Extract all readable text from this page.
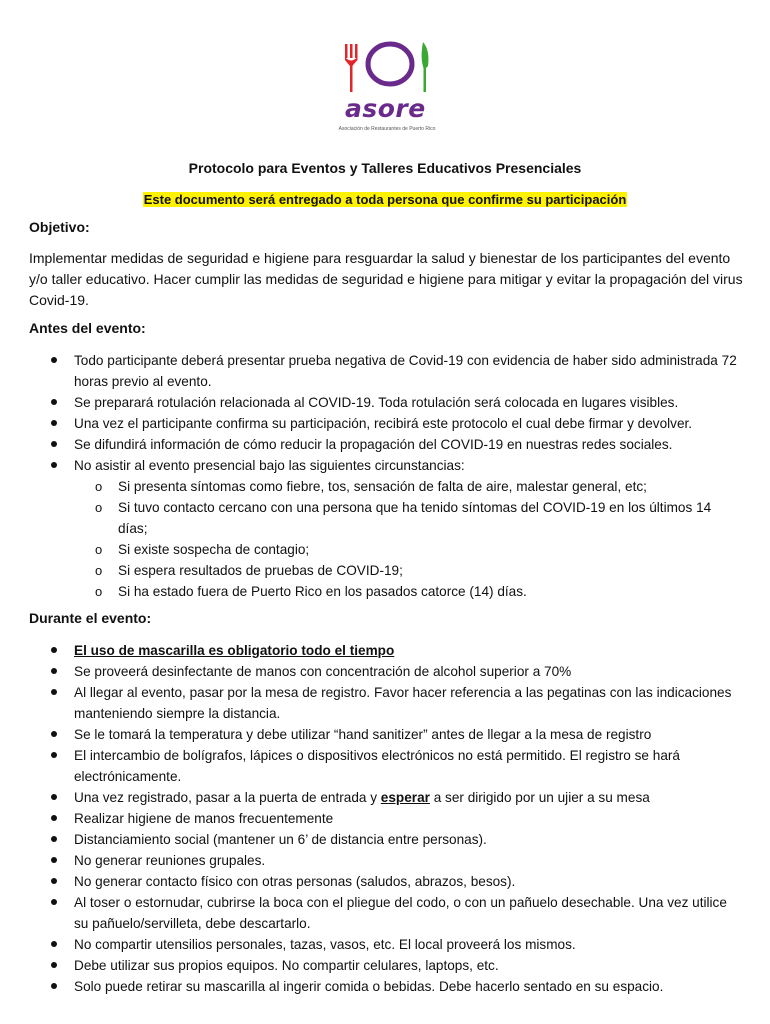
asore
Asociación de Restaurantes de Puerto Rico
Protocolo para Eventos y Talleres Educativos Presenciales
Este documento será entregado a toda persona que confirme su participación
Objetivo:
Implementar medidas de seguridad e higiene para resguardar la salud y bienestar de los participantes del evento y/o taller educativo. Hacer cumplir las medidas de seguridad e higiene para mitigar y evitar la propagación del virus Covid-19.
Antes del evento:
Todo participante deberá presentar prueba negativa de Covid-19 con evidencia de haber sido administrada 72 horas previo al evento.
Se preparará rotulación relacionada al COVID-19. Toda rotulación será colocada en lugares visibles.
Una vez el participante confirma su participación, recibirá este protocolo el cual debe firmar y devolver.
Se difundirá información de cómo reducir la propagación del COVID-19 en nuestras redes sociales.
No asistir al evento presencial bajo las siguientes circunstancias:
o Si presenta síntomas como fiebre, tos, sensación de falta de aire, malestar general, etc;
o Si tuvo contacto cercano con una persona que ha tenido síntomas del COVID-19 en los últimos 14 días;
o Si existe sospecha de contagio;
o Si espera resultados de pruebas de COVID-19;
o Si ha estado fuera de Puerto Rico en los pasados catorce (14) días.
Durante el evento:
El uso de mascarilla es obligatorio todo el tiempo
Se proveerá desinfectante de manos con concentración de alcohol superior a 70%
Al llegar al evento, pasar por la mesa de registro. Favor hacer referencia a las pegatinas con las indicaciones manteniendo siempre la distancia.
Se le tomará la temperatura y debe utilizar “hand sanitizer” antes de llegar a la mesa de registro
El intercambio de bolígrafos, lápices o dispositivos electrónicos no está permitido. El registro se hará electrónicamente.
Una vez registrado, pasar a la puerta de entrada y esperar a ser dirigido por un ujier a su mesa
Realizar higiene de manos frecuentemente
Distanciamiento social (mantener un 6’ de distancia entre personas).
No generar reuniones grupales.
No generar contacto físico con otras personas (saludos, abrazos, besos).
Al toser o estornudar, cubrirse la boca con el pliegue del codo, o con un pañuelo desechable. Una vez utilice su pañuelo/servilleta, debe descartarlo.
No compartir utensilios personales, tazas, vasos, etc. El local proveerá los mismos.
Debe utilizar sus propios equipos. No compartir celulares, laptops, etc.
Solo puede retirar su mascarilla al ingerir comida o bebidas. Debe hacerlo sentado en su espacio.
